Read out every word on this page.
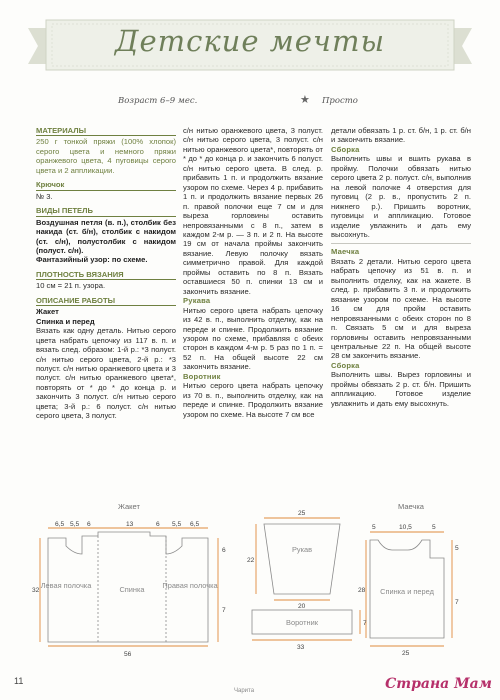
Детские мечты
Возраст 6–9 мес.	★ Просто
МАТЕРИАЛЫ

250 г тонкой пряжи (100% хлопок) серого цвета и немного пряжи оранжевого цвета, 4 пуговицы серого цвета и 2 аппликации.

Крючок

№ 3.

ВИДЫ ПЕТЕЛЬ

Воздушная петля (в. п.), столбик без накида (ст. б/н), столбик с накидом (ст. с/н), полустолбик с накидом (полуст. с/н).

Фантазийный узор: по схеме.

ПЛОТНОСТЬ ВЯЗАНИЯ

10 см = 21 п. узора.

ОПИСАНИЕ РАБОТЫ

Жакет

Спинка и перед

Вязать как одну деталь. Нитью серого цвета набрать цепочку из 117 в. п. и вязать след. образом: 1-й р.: *3 полуст. с/н нитью серого цвета, 2-й р.: *3 полуст. с/н нитью оранжевого цвета и 3 полуст. с/н нитью оранжевого цвета*, повторять от * до * до конца р. и закончить 3 полуст. с/н нитью серого цвета; 3-й р.: 6 полуст. с/н нитью серого цвета, 3 полуст.

с/н нитью оранжевого цвета, 3 полуст. с/н нитью серого цвета, 3 полуст. с/н нитью оранжевого цвета*, повторять от * до * до конца р. и закончить 6 полуст. с/н нитью серого цвета. В след. р. прибавить 1 п. и продолжить вязание узором по схеме. Через 4 р. прибавить 1 п. и продолжить вязание первых 26 п. правой полочки еще 7 см и для выреза горловины оставить непровязанными с 8 п., затем в каждом 2-м р. — 3 п. и 2 п. На высоте 19 см от начала проймы закончить вязание. Левую полочку вязать симметрично правой. Для каждой проймы оставить по 8 п. Вязать оставшиеся 50 п. спинки 13 см и закончить вязание.

Рукава

Нитью серого цвета набрать цепочку из 42 в. п., выполнить отделку, как на переде и спинке. Продолжить вязание узором по схеме, прибавляя с обеих сторон в каждом 4-м р. 5 раз по 1 п. = 52 п. На общей высоте 22 см закончить вязание.

Воротник

Нитью серого цвета набрать цепочку из 70 в. п., выполнить отделку, как на переде и спинке. Продолжить вязание узором по схеме. На высоте 7 см все

детали обвязать 1 р. ст. б/н, 1 р. ст. б/н и закончить вязание.

Сборка

Выполнить швы и вшить рукава в пройму. Полочки обвязать нитью серого цвета 2 р. полуст. с/н, выполнив на левой полочке 4 отверстия для пуговиц (2 р. в., пропустить 2 п. нижнего р.). Пришить воротник, пуговицы и аппликацию. Готовое изделие увлажнить и дать ему высохнуть.

Маечка

Вязать 2 детали. Нитью серого цвета набрать цепочку из 51 в. п. и выполнить отделку, как на жакете. В след. р. прибавить 3 п. и продолжить вязание узором по схеме. На высоте 16 см для пройм оставить непровязанными с обеих сторон по 8 п. Связать 5 см и для выреза горловины оставить непровязанными центральные 22 п. На общей высоте 28 см закончить вязание.

Сборка

Выполнить швы. Вырез горловины и проймы обвязать 2 р. ст. б/н. Пришить аппликацию. Готовое изделие увлажнить и дать ему высохнуть.

Жакет	Маечка
Левая полочка	Спинка Правая полочка
Рукав
Воротник
Спинка и перед
6,5 5,5 6	13	6 5,5 6,5
32
56
6
7
25
22
20
7
33
5	10,5	5
28
5
7
25
11
Чарита	Страна Мам
